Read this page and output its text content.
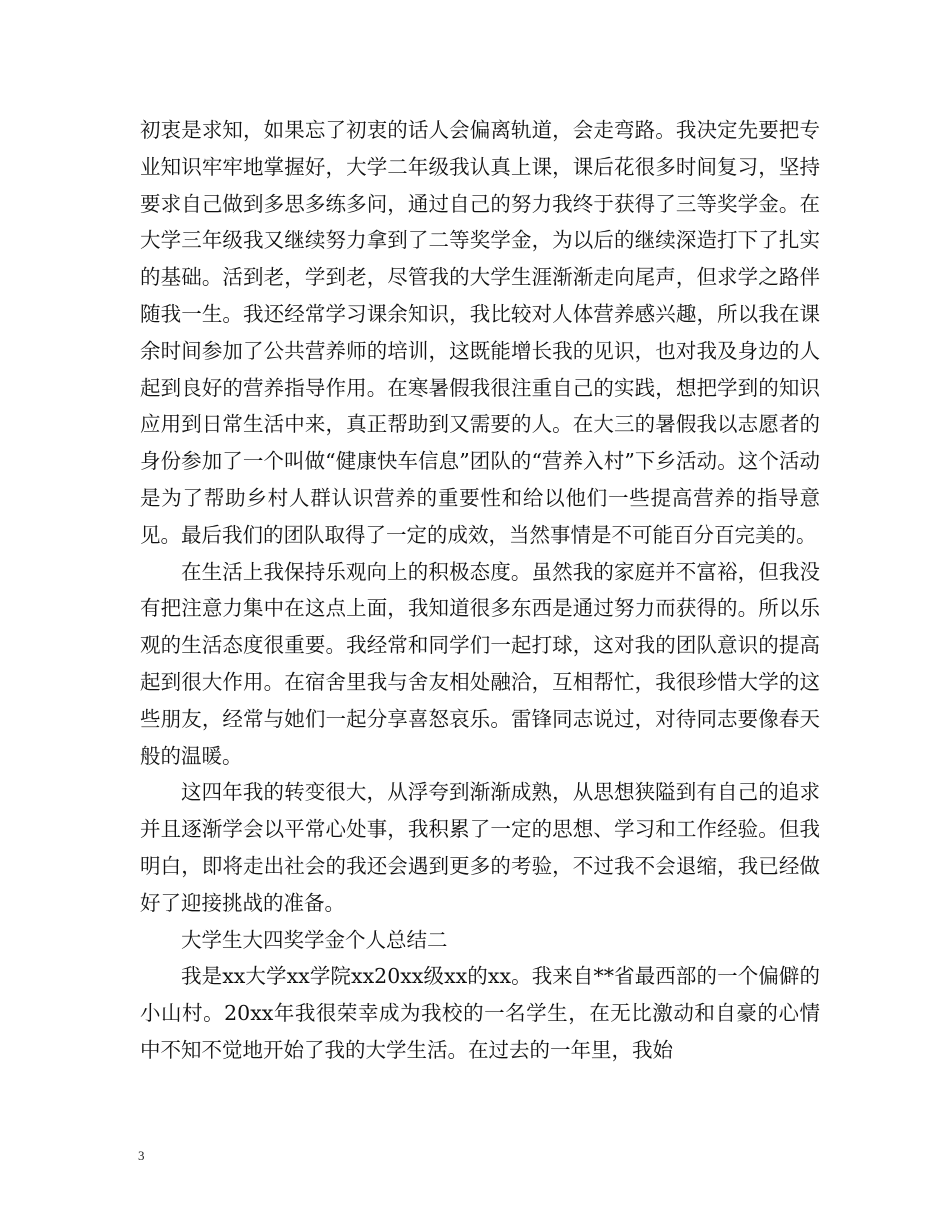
初衷是求知，如果忘了初衷的话人会偏离轨道，会走弯路。我决定先要把专业知识牢牢地掌握好，大学二年级我认真上课，课后花很多时间复习，坚持要求自己做到多思多练多问，通过自己的努力我终于获得了三等奖学金。在大学三年级我又继续努力拿到了二等奖学金，为以后的继续深造打下了扎实的基础。活到老，学到老，尽管我的大学生涯渐渐走向尾声，但求学之路伴随我一生。我还经常学习课余知识，我比较对人体营养感兴趣，所以我在课余时间参加了公共营养师的培训，这既能增长我的见识，也对我及身边的人起到良好的营养指导作用。在寒暑假我很注重自己的实践，想把学到的知识应用到日常生活中来，真正帮助到又需要的人。在大三的暑假我以志愿者的身份参加了一个叫做“健康快车信息”团队的“营养入村”下乡活动。这个活动是为了帮助乡村人群认识营养的重要性和给以他们一些提高营养的指导意见。最后我们的团队取得了一定的成效，当然事情是不可能百分百完美的。

在生活上我保持乐观向上的积极态度。虽然我的家庭并不富裕，但我没有把注意力集中在这点上面，我知道很多东西是通过努力而获得的。所以乐观的生活态度很重要。我经常和同学们一起打球，这对我的团队意识的提高起到很大作用。在宿舍里我与舍友相处融洽，互相帮忙，我很珍惜大学的这些朋友，经常与她们一起分享喜怒哀乐。雷锋同志说过，对待同志要像春天般的温暖。

这四年我的转变很大，从浮夸到渐渐成熟，从思想狭隘到有自己的追求并且逐渐学会以平常心处事，我积累了一定的思想、学习和工作经验。但我明白，即将走出社会的我还会遇到更多的考验，不过我不会退缩，我已经做好了迎接挑战的准备。

大学生大四奖学金个人总结二

我是xx大学xx学院xx20xx级xx的xx。我来自**省最西部的一个偏僻的小山村。20xx年我很荣幸成为我校的一名学生，在无比激动和自豪的心情中不知不觉地开始了我的大学生活。在过去的一年里，我始

3
